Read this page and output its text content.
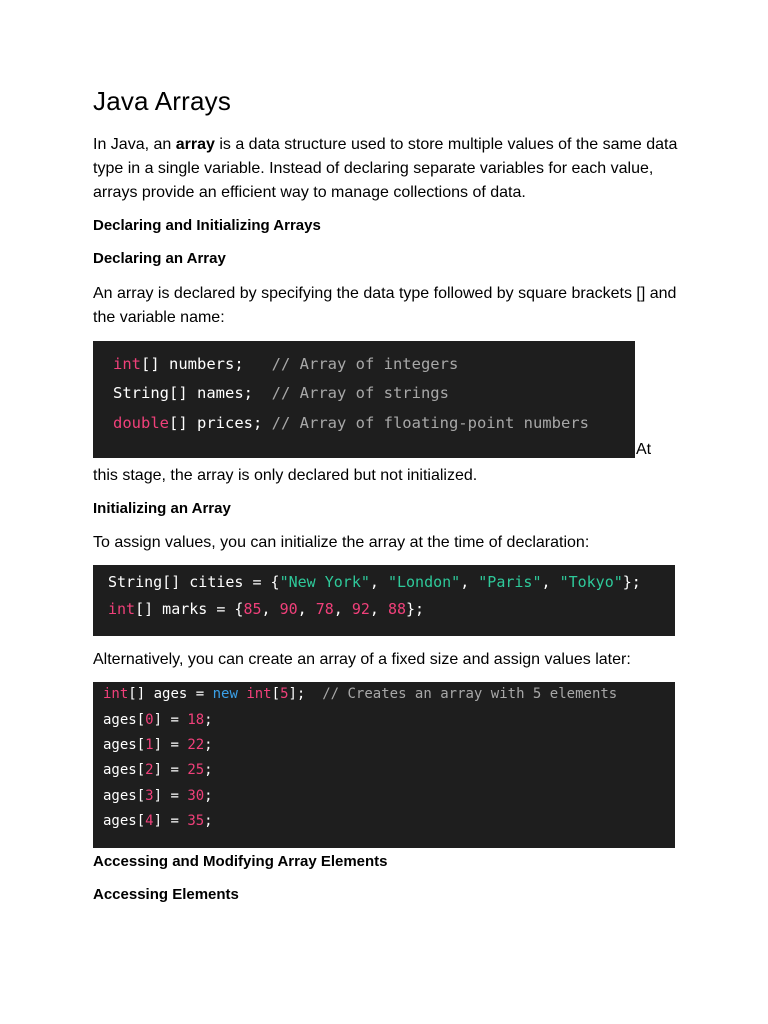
Java Arrays
In Java, an array is a data structure used to store multiple values of the same data type in a single variable. Instead of declaring separate variables for each value, arrays provide an efficient way to manage collections of data.
Declaring and Initializing Arrays
Declaring an Array
An array is declared by specifying the data type followed by square brackets [] and the variable name:

int[] numbers;   // Array of integers

String[] names;  // Array of strings

double[] prices; // Array of floating-point numbers

At
this stage, the array is only declared but not initialized.
Initializing an Array
To assign values, you can initialize the array at the time of declaration:

String[] cities = {"New York", "London", "Paris", "Tokyo"};

int[] marks = {85, 90, 78, 92, 88};

Alternatively, you can create an array of a fixed size and assign values later:

int[] ages = new int[5];  // Creates an array with 5 elements

ages[0] = 18;

ages[1] = 22;

ages[2] = 25;

ages[3] = 30;

ages[4] = 35;

Accessing and Modifying Array Elements
Accessing Elements
